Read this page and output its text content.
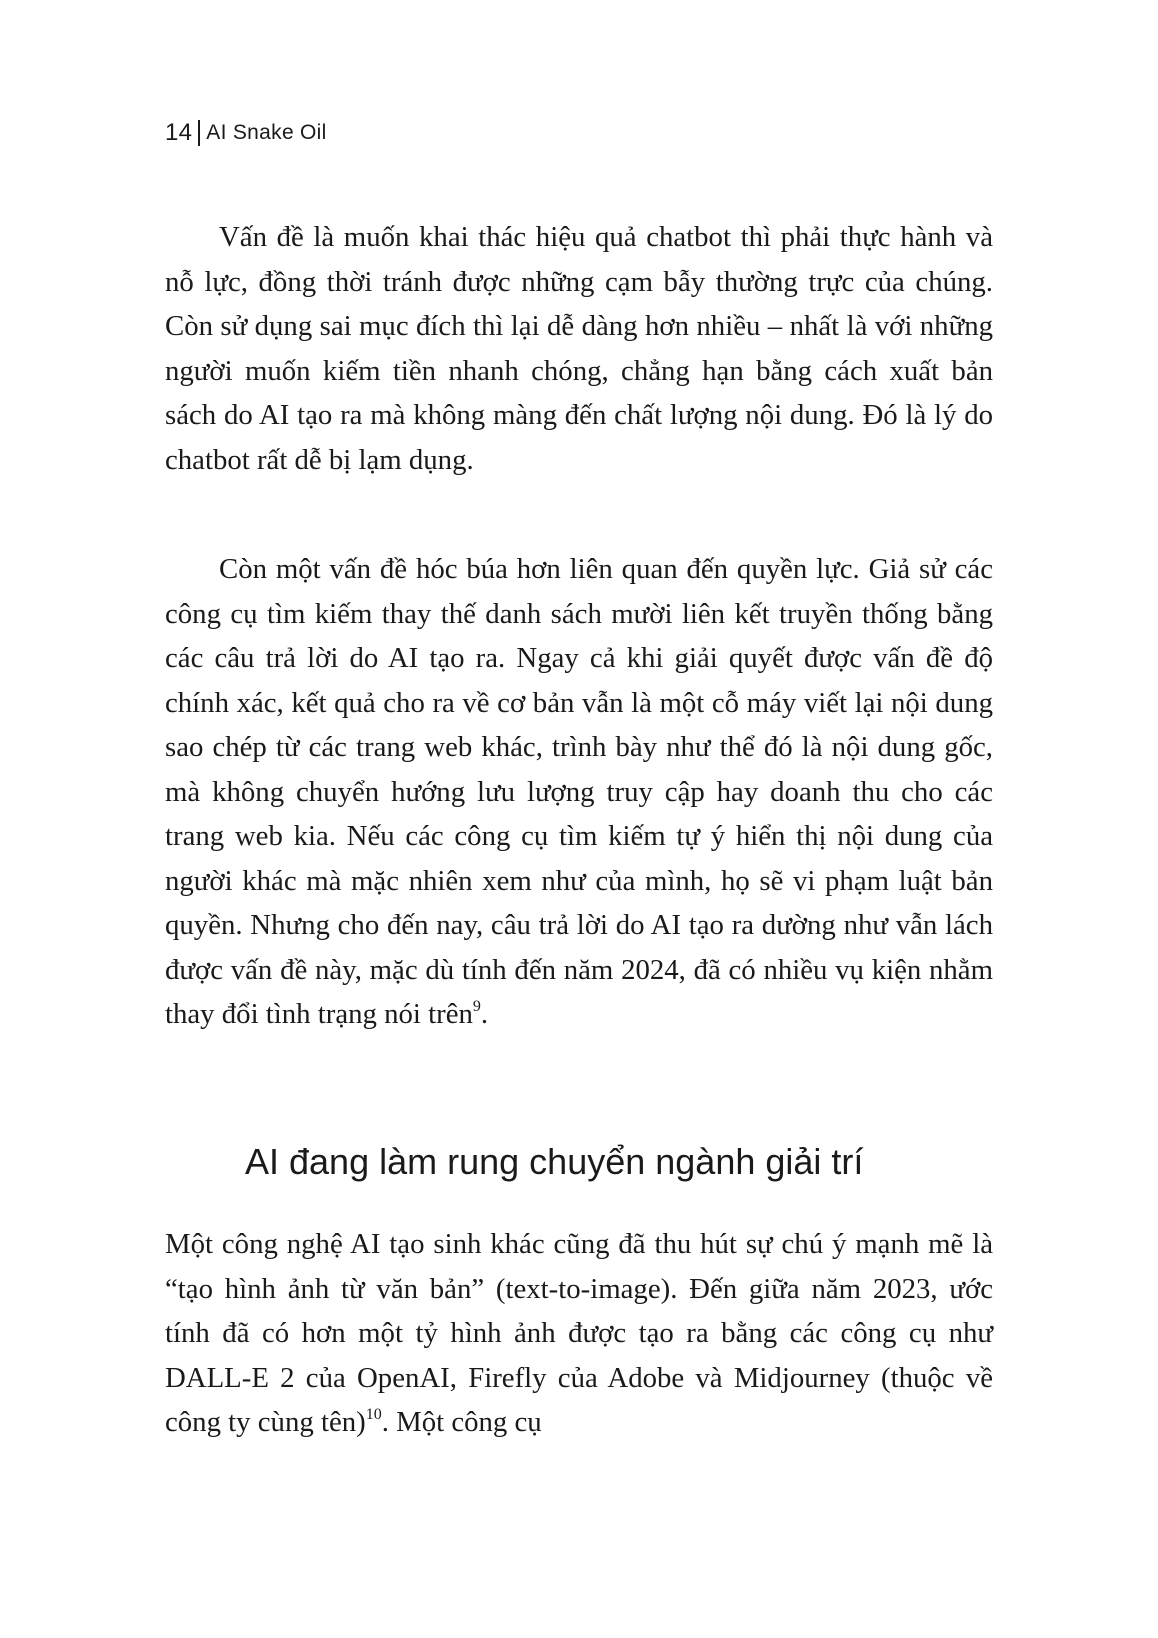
14 AI Snake Oil

Vấn đề là muốn khai thác hiệu quả chatbot thì phải thực hành và nỗ lực, đồng thời tránh được những cạm bẫy thường trực của chúng. Còn sử dụng sai mục đích thì lại dễ dàng hơn nhiều – nhất là với những người muốn kiếm tiền nhanh chóng, chẳng hạn bằng cách xuất bản sách do AI tạo ra mà không màng đến chất lượng nội dung. Đó là lý do chatbot rất dễ bị lạm dụng.

Còn một vấn đề hóc búa hơn liên quan đến quyền lực. Giả sử các công cụ tìm kiếm thay thế danh sách mười liên kết truyền thống bằng các câu trả lời do AI tạo ra. Ngay cả khi giải quyết được vấn đề độ chính xác, kết quả cho ra về cơ bản vẫn là một cỗ máy viết lại nội dung sao chép từ các trang web khác, trình bày như thể đó là nội dung gốc, mà không chuyển hướng lưu lượng truy cập hay doanh thu cho các trang web kia. Nếu các công cụ tìm kiếm tự ý hiển thị nội dung của người khác mà mặc nhiên xem như của mình, họ sẽ vi phạm luật bản quyền. Nhưng cho đến nay, câu trả lời do AI tạo ra dường như vẫn lách được vấn đề này, mặc dù tính đến năm 2024, đã có nhiều vụ kiện nhằm thay đổi tình trạng nói trên$^9$.

AI đang làm rung chuyển ngành giải trí

Một công nghệ AI tạo sinh khác cũng đã thu hút sự chú ý mạnh mẽ là “tạo hình ảnh từ văn bản” (text-to-image). Đến giữa năm 2023, ước tính đã có hơn một tỷ hình ảnh được tạo ra bằng các công cụ như DALL-E 2 của OpenAI, Firefly của Adobe và Midjourney (thuộc về công ty cùng tên)$^{10}$. Một công cụ
